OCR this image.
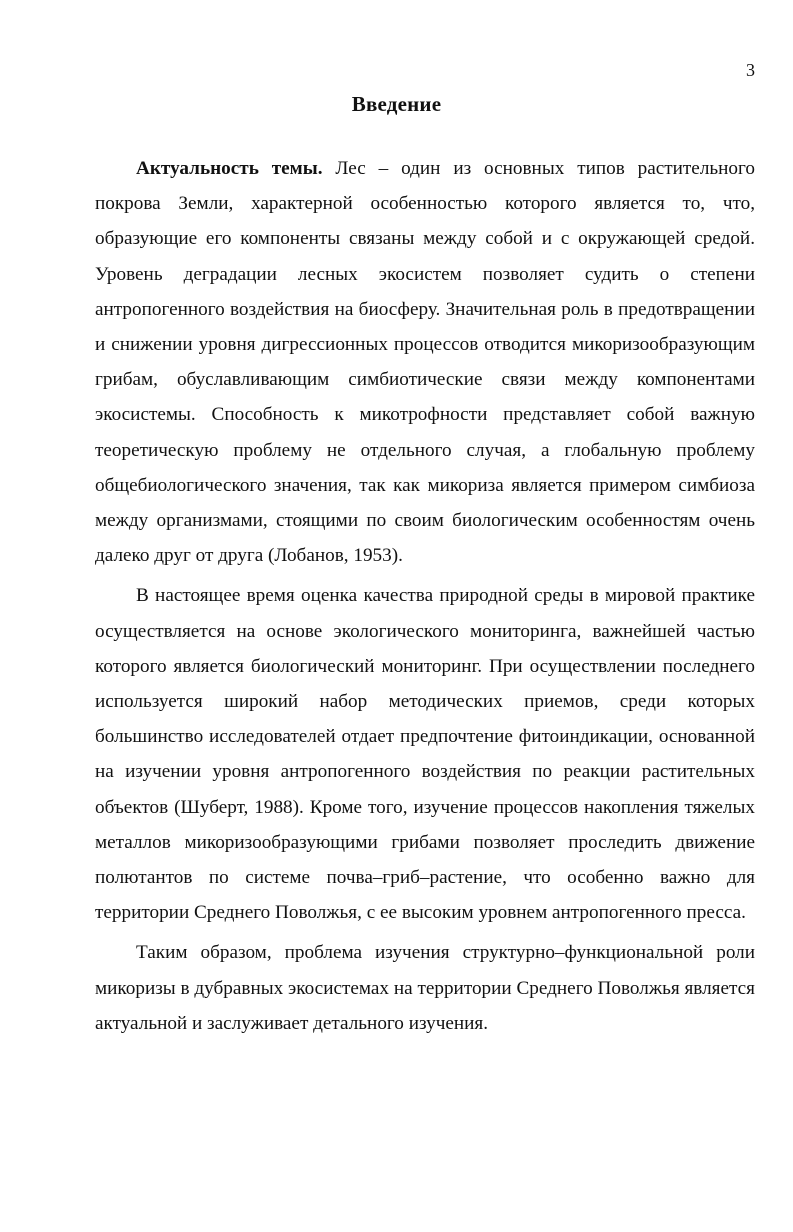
3
Введение

Актуальность темы. Лес – один из основных типов растительного покрова Земли, характерной особенностью которого является то, что, образующие его компоненты связаны между собой и с окружающей средой. Уровень деградации лесных экосистем позволяет судить о степени антропогенного воздействия на биосферу. Значительная роль в предотвращении и снижении уровня дигрессионных процессов отводится микоризообразующим грибам, обуславливающим симбиотические связи между компонентами экосистемы. Способность к микотрофности представляет собой важную теоретическую проблему не отдельного случая, а глобальную проблему общебиологического значения, так как микориза является примером симбиоза между организмами, стоящими по своим биологическим особенностям очень далеко друг от друга (Лобанов, 1953).

В настоящее время оценка качества природной среды в мировой практике осуществляется на основе экологического мониторинга, важнейшей частью которого является биологический мониторинг. При осуществлении последнего используется широкий набор методических приемов, среди которых большинство исследователей отдает предпочтение фитоиндикации, основанной на изучении уровня антропогенного воздействия по реакции растительных объектов (Шуберт, 1988). Кроме того, изучение процессов накопления тяжелых металлов микоризообразующими грибами позволяет проследить движение полютантов по системе почва–гриб–растение, что особенно важно для территории Среднего Поволжья, с ее высоким уровнем антропогенного пресса.

Таким образом, проблема изучения структурно–функциональной роли микоризы в дубравных экосистемах на территории Среднего Поволжья является актуальной и заслуживает детального изучения.
